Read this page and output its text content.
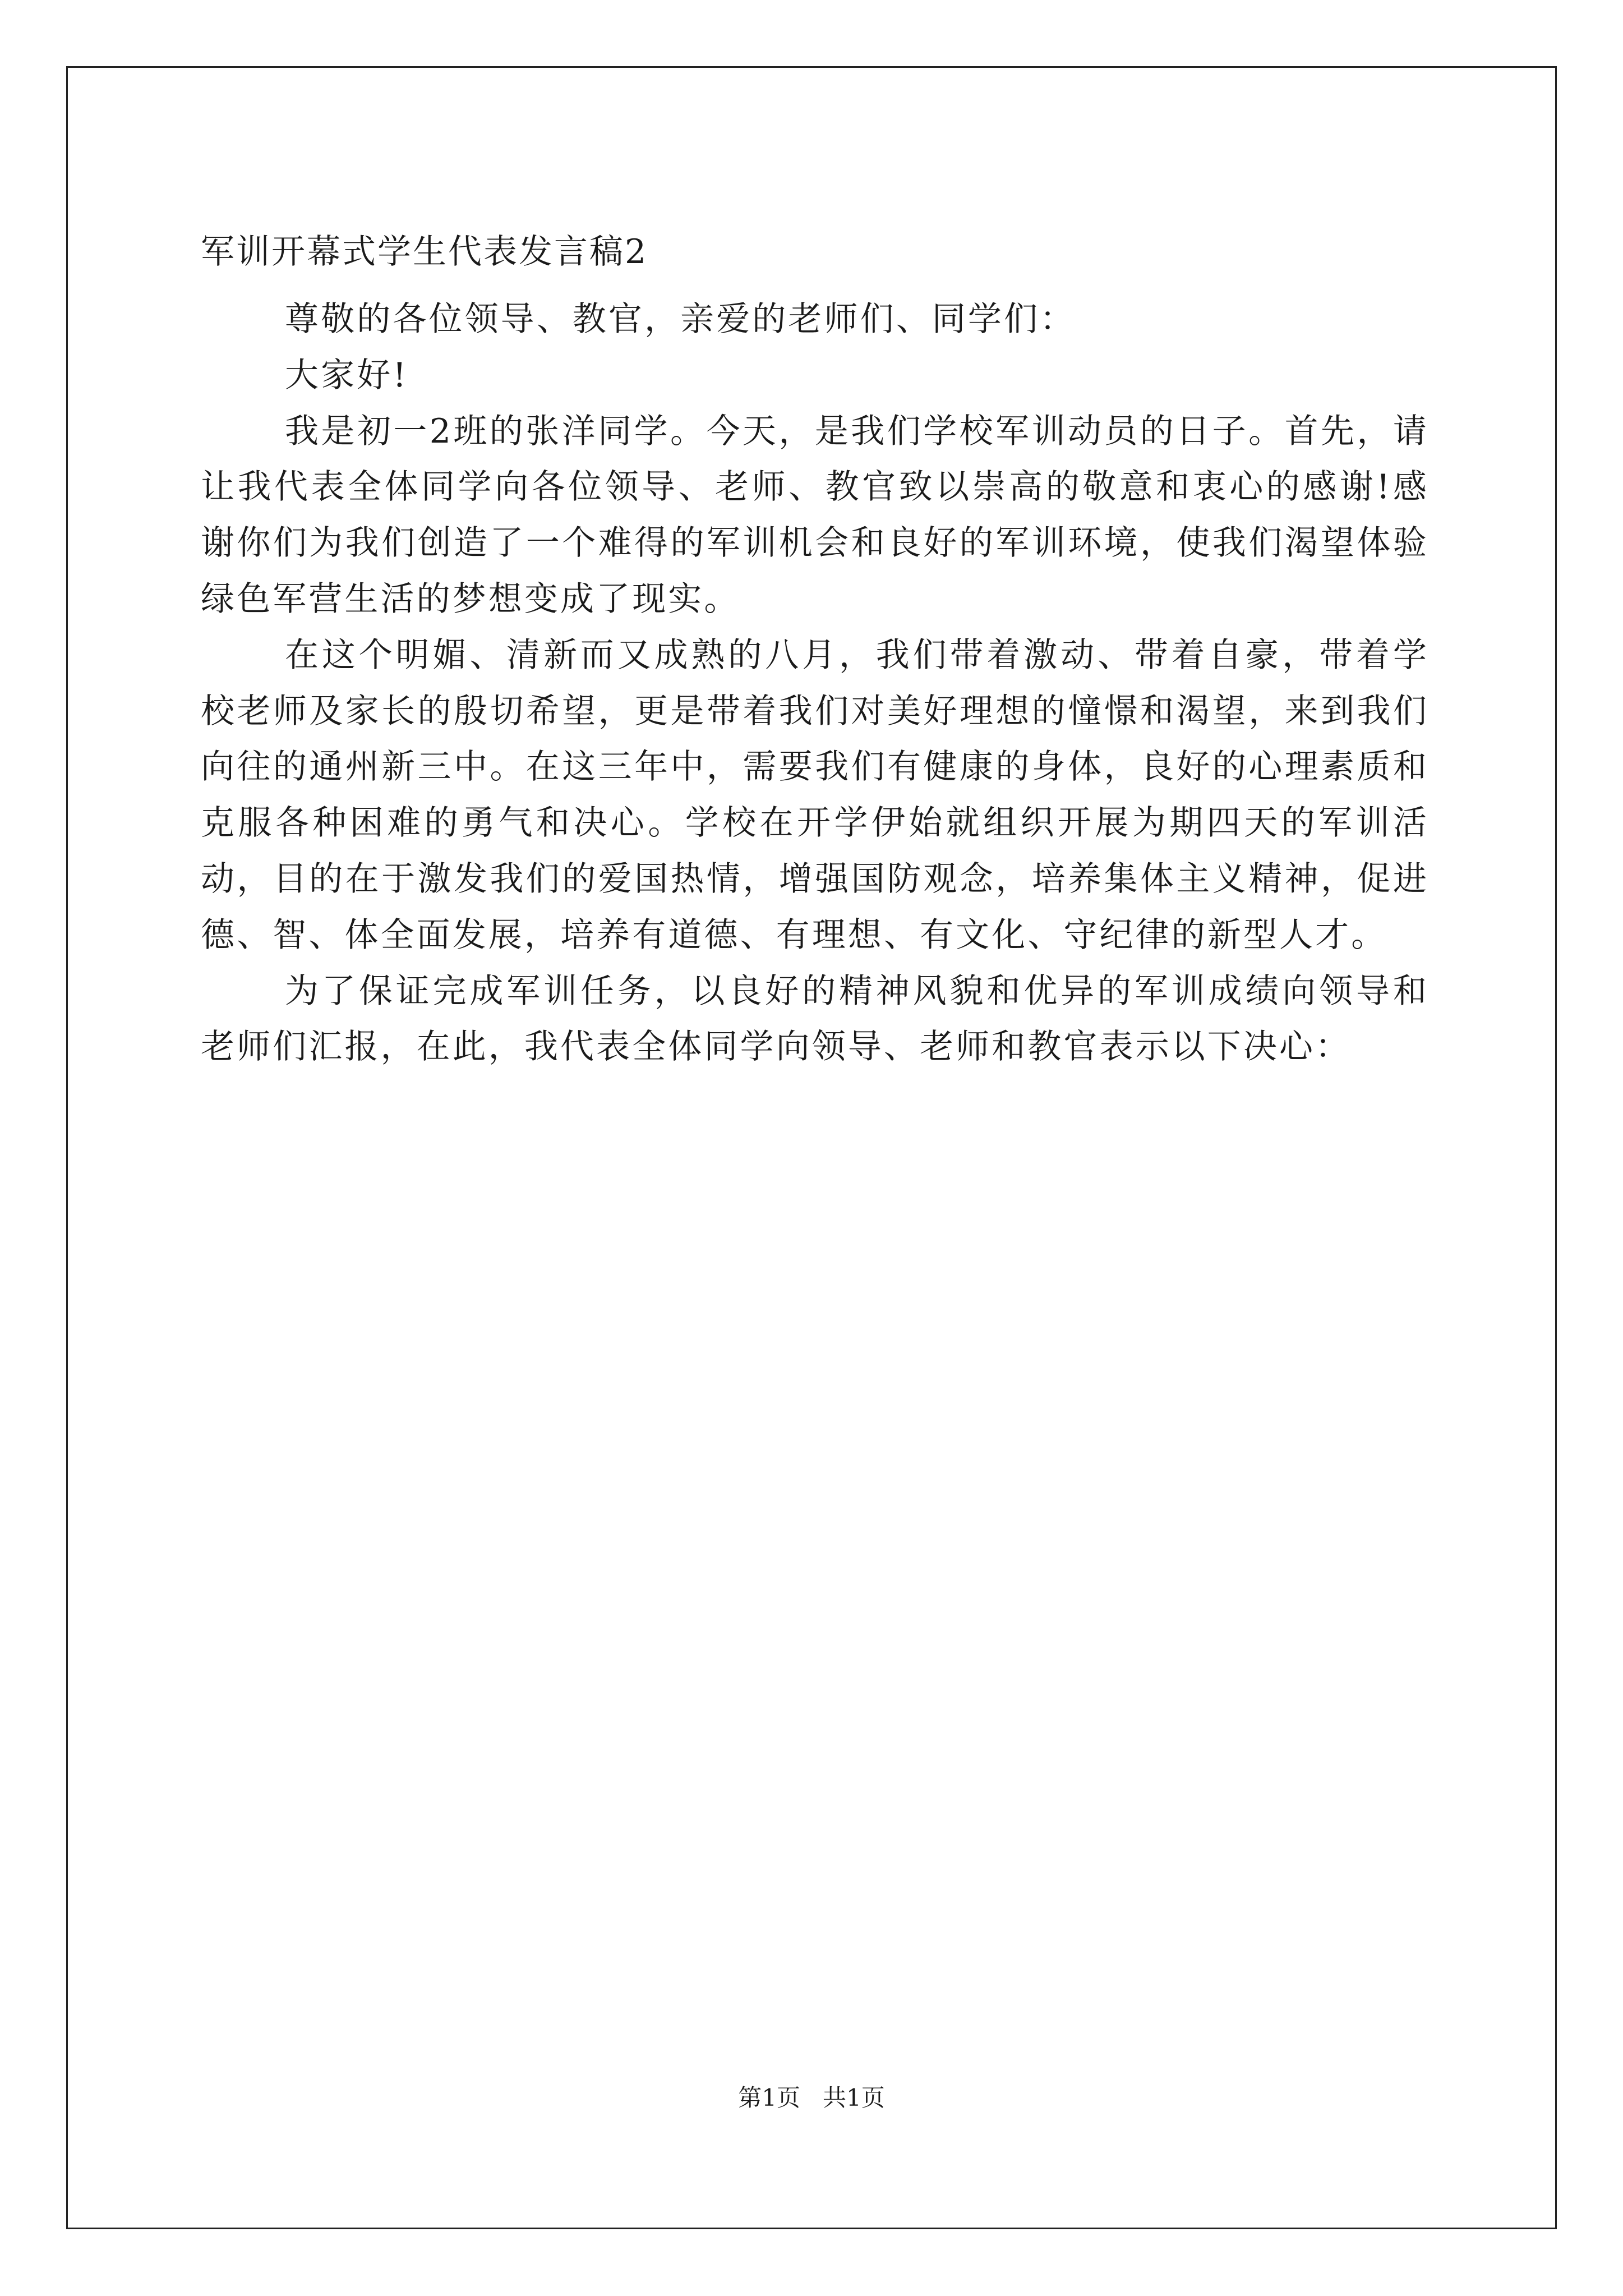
军训开幕式学生代表发言稿2

尊敬的各位领导、教官，亲爱的老师们、同学们：

大家好!

我是初一2班的张洋同学。今天，是我们学校军训动员的日子。首先，请让我代表全体同学向各位领导、老师、教官致以崇高的敬意和衷心的感谢!感谢你们为我们创造了一个难得的军训机会和良好的军训环境，使我们渴望体验绿色军营生活的梦想变成了现实。

在这个明媚、清新而又成熟的八月，我们带着激动、带着自豪，带着学校老师及家长的殷切希望，更是带着我们对美好理想的憧憬和渴望，来到我们向往的通州新三中。在这三年中，需要我们有健康的身体，良好的心理素质和克服各种困难的勇气和决心。学校在开学伊始就组织开展为期四天的军训活动，目的在于激发我们的爱国热情，增强国防观念，培养集体主义精神，促进德、智、体全面发展，培养有道德、有理想、有文化、守纪律的新型人才。

为了保证完成军训任务，以良好的精神风貌和优异的军训成绩向领导和老师们汇报，在此，我代表全体同学向领导、老师和教官表示以下决心：

第1页   共1页
